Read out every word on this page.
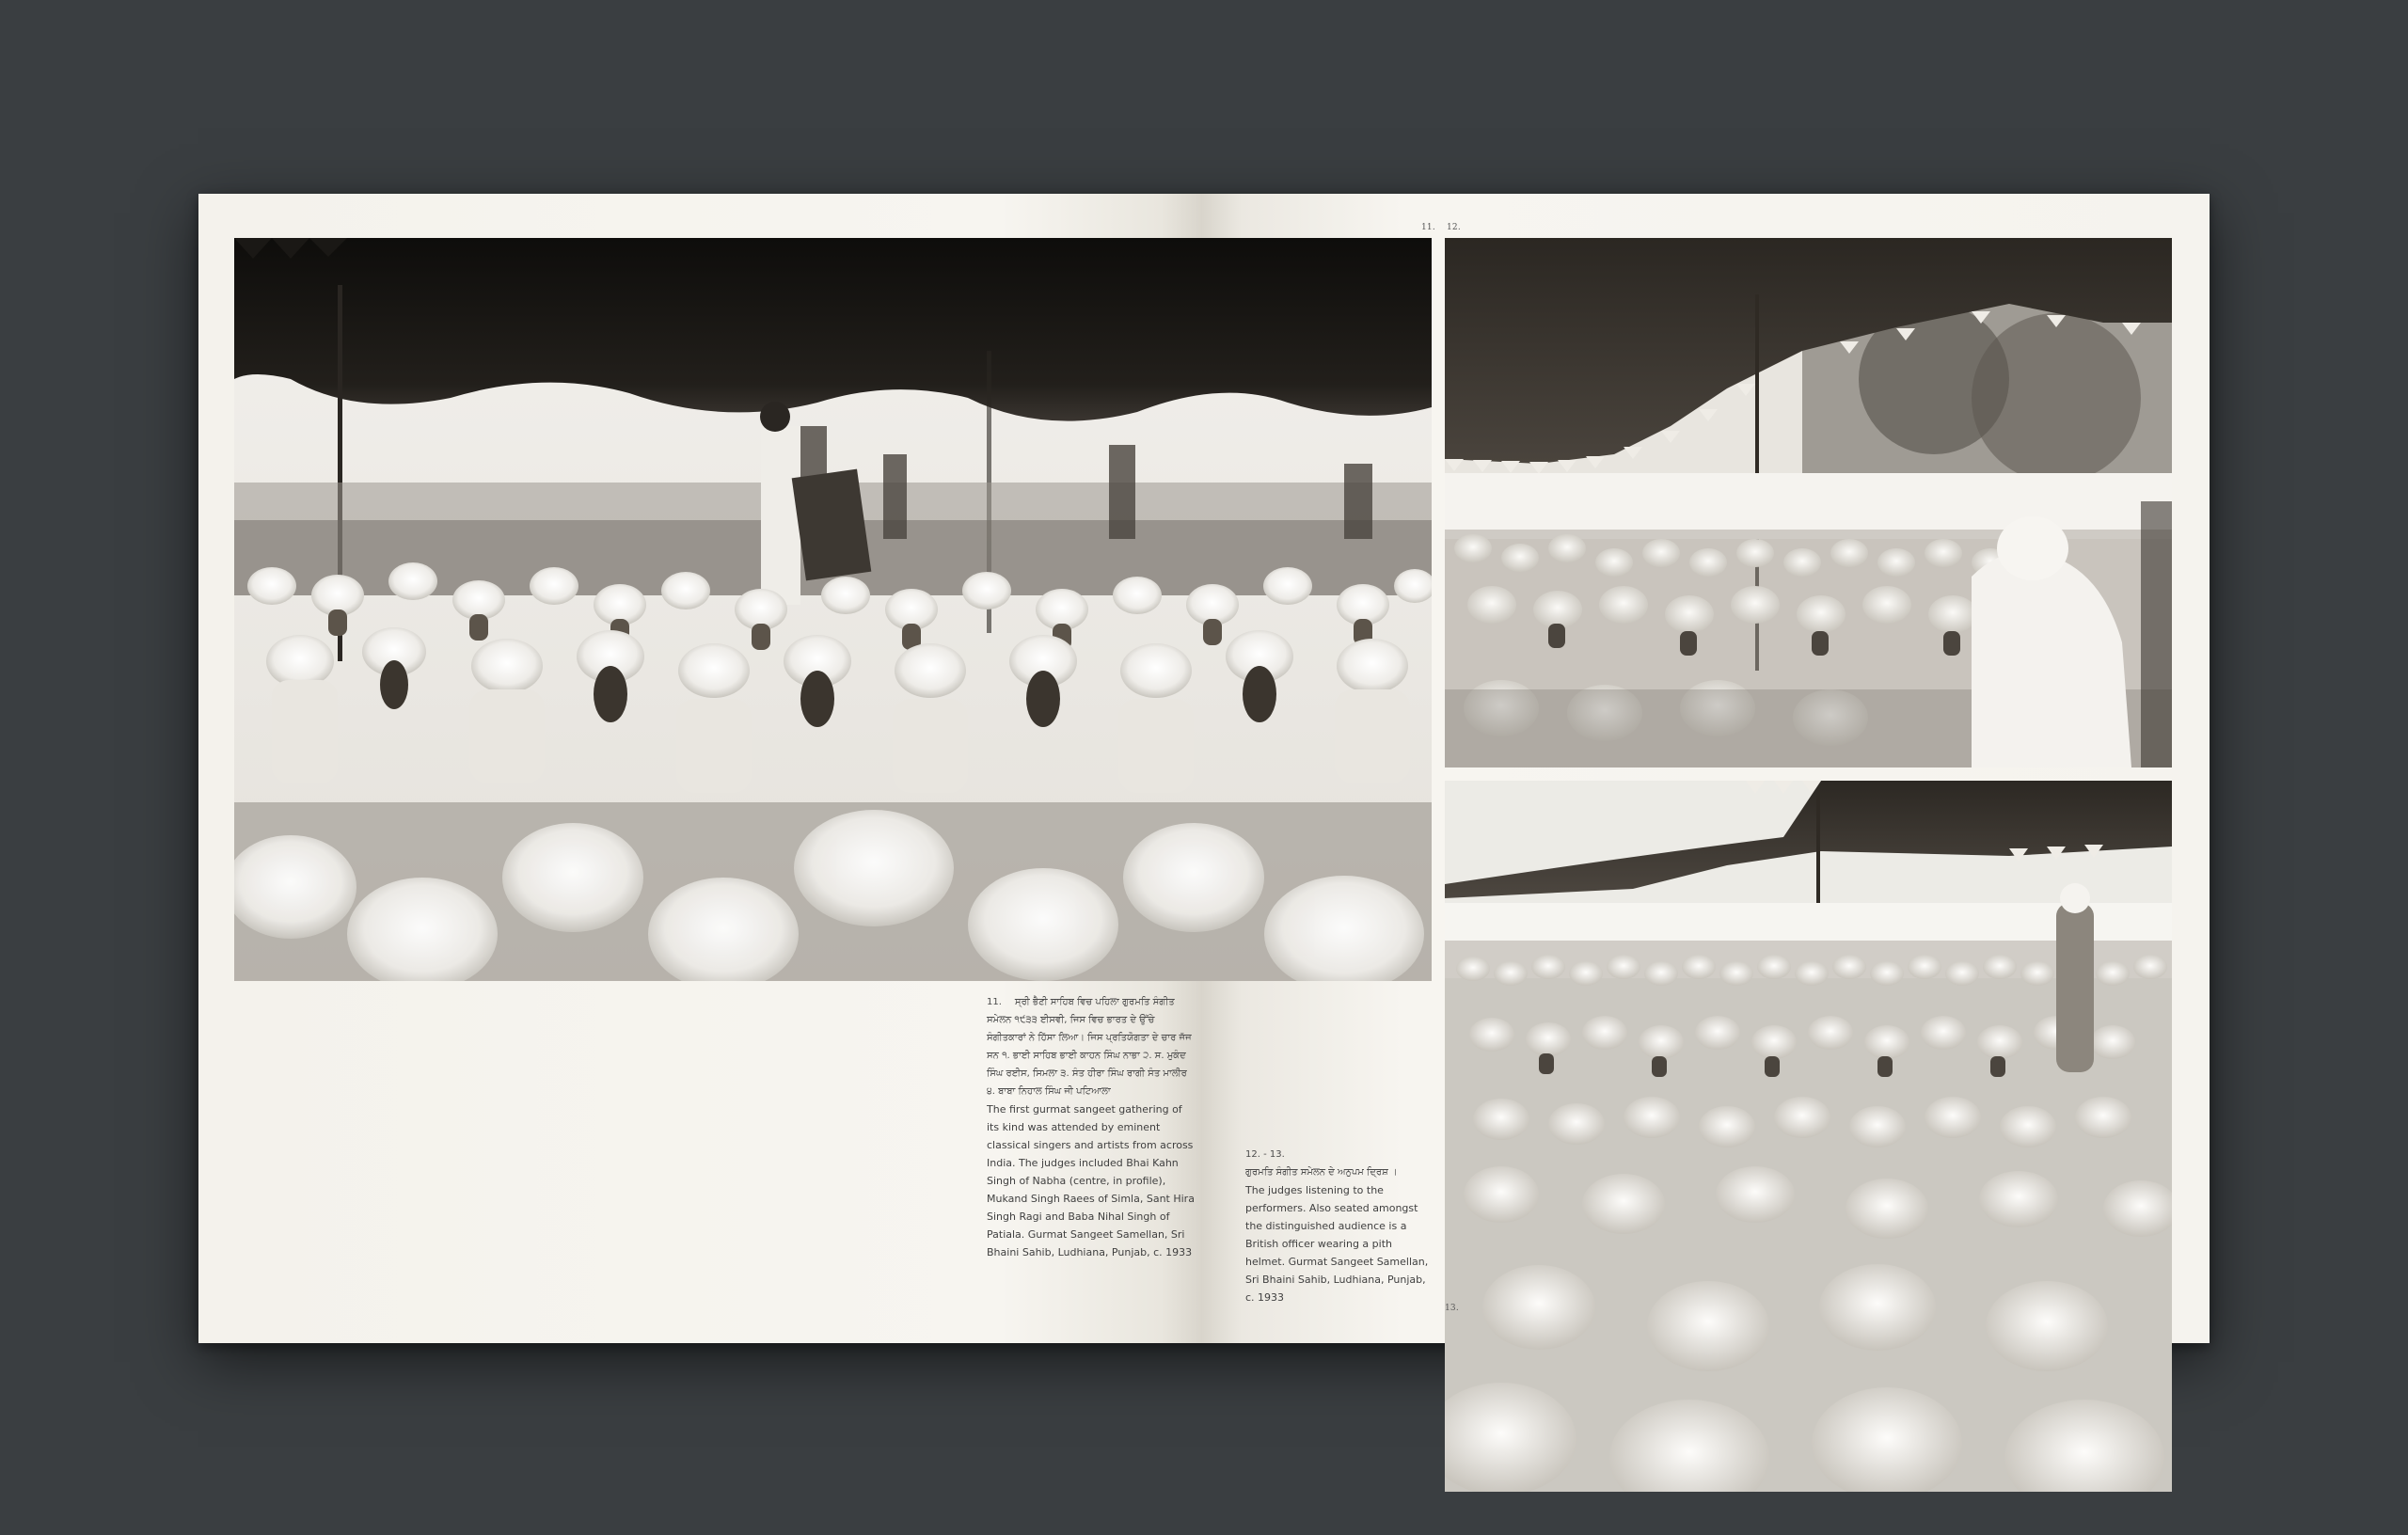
11. 12.
13.
11. ਸ੍ਰੀ ਭੈਣੀ ਸਾਹਿਬ ਵਿਚ ਪਹਿਲਾ ਗੁਰਮਤਿ ਸੰਗੀਤ ਸਮੇਲਨ ੧੯੩੩ ਈਸਵੀ, ਜਿਸ ਵਿਚ ਭਾਰਤ ਦੇ ਉੱਚੇ ਸੰਗੀਤਕਾਰਾਂ ਨੇ ਹਿੱਸਾ ਲਿਆ। ਜਿਸ ਪ੍ਰਤਿਯੋਗਤਾ ਦੇ ਚਾਰ ਜੱਜ ਸਨ ੧. ਭਾਈ ਸਾਹਿਬ ਭਾਈ ਕਾਹਨ ਸਿੰਘ ਨਾਭਾ ੨. ਸ. ਮੁਕੰਦ ਸਿੰਘ ਰਈਸ, ਸਿਮਲਾ ੩. ਸੰਤ ਹੀਰਾ ਸਿੰਘ ਰਾਗੀ ਸੰਤ ਮਾਲੀਰ ੪. ਬਾਬਾ ਨਿਹਾਲ ਸਿੰਘ ਜੀ ਪਟਿਆਲਾ
The first gurmat sangeet gathering of its kind was attended by eminent classical singers and artists from across India. The judges included Bhai Kahn Singh of Nabha (centre, in profile), Mukand Singh Raees of Simla, Sant Hira Singh Ragi and Baba Nihal Singh of Patiala. Gurmat Sangeet Samellan, Sri Bhaini Sahib, Ludhiana, Punjab, c. 1933
12. - 13.
ਗੁਰਮਤਿ ਸੰਗੀਤ ਸਮੇਲਨ ਦੇ ਅਨੁਪਮ ਦ੍ਰਿਸ਼ ।
The judges listening to the performers. Also seated amongst the distinguished audience is a British officer wearing a pith helmet. Gurmat Sangeet Samellan, Sri Bhaini Sahib, Ludhiana, Punjab, c. 1933
